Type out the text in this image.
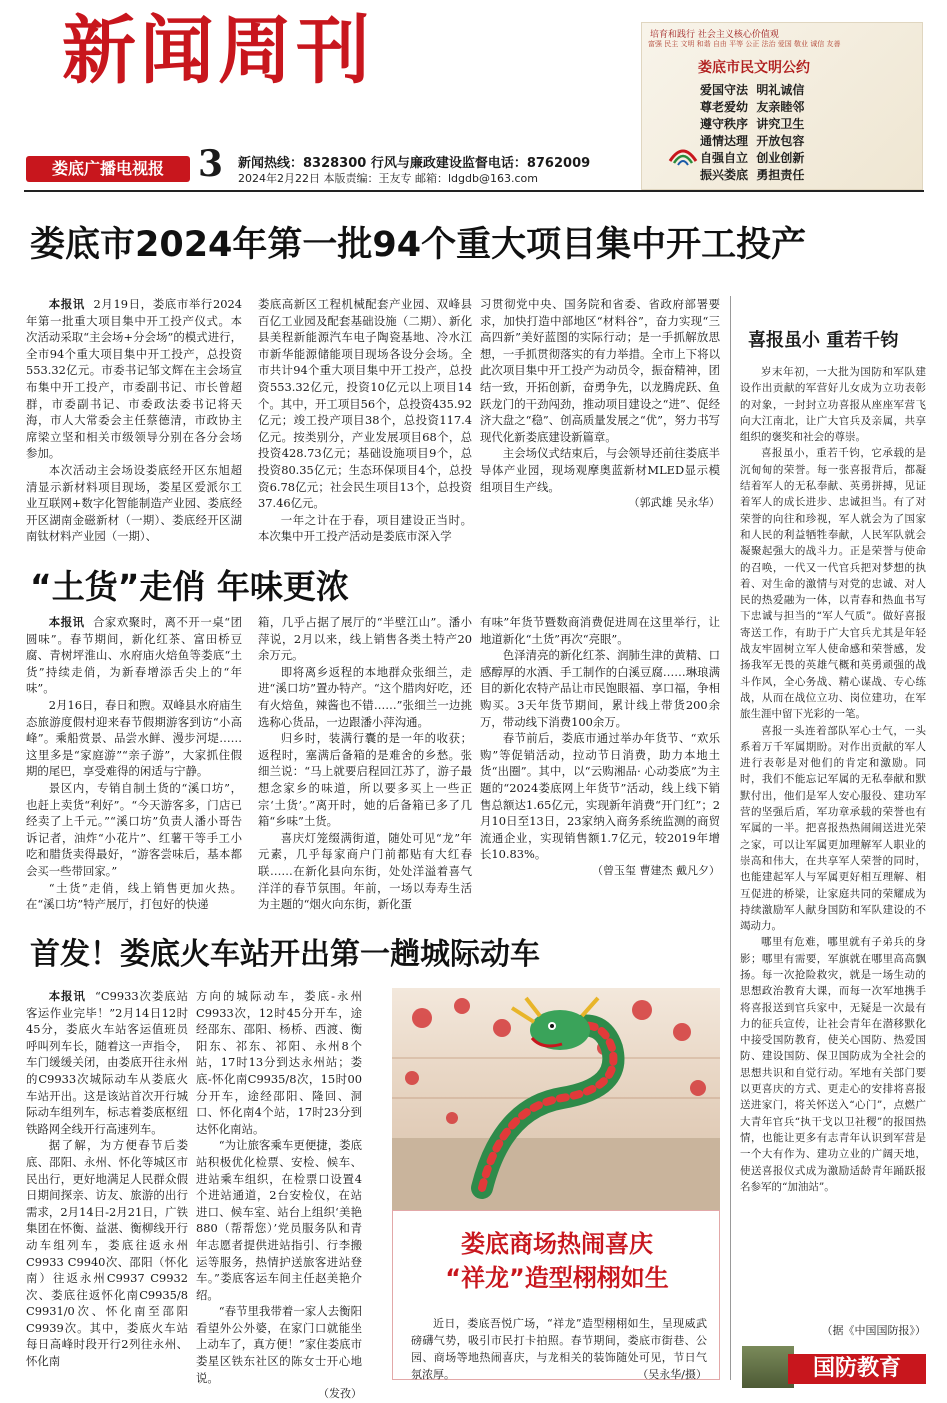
新闻周刊
娄底广播电视报 3 新闻热线：8328300 行风与廉政建设监督电话：8762009
2024年2月22日 本版责编：王友专 邮箱：ldgdb@163.com
培育和践行 社会主义核心价值观
富强 民主 文明 和谐 自由 平等 公正 法治 爱国 敬业 诚信 友善
娄底市民文明公约
爱国守法 明礼诚信
尊老爱幼 友亲睦邻
遵守秩序 讲究卫生
通情达理 开放包容
自强自立 创业创新
振兴娄底 勇担责任
娄底市2024年第一批94个重大项目集中开工投产

本报讯 2月19日，娄底市举行2024年第一批重大项目集中开工投产仪式。本次活动采取“主会场+分会场”的模式进行，全市94个重大项目集中开工投产，总投资553.32亿元。市委书记邹文辉在主会场宣布集中开工投产，市委副书记、市长曾超群，市委副书记、市委政法委书记将天海，市人大常委会主任蔡德清，市政协主席梁立坚和相关市级领导分别在各分会场参加。

本次活动主会场设娄底经开区东旭超清显示新材料项目现场，娄星区爱派尔工业互联网+数字化智能制造产业园、娄底经开区湖南金磁新材（一期）、娄底经开区湖南钛材料产业园（一期）、

娄底高新区工程机械配套产业园、双峰县百亿工业园及配套基础设施（二期）、新化县美程新能源汽车电子陶瓷基地、冷水江市新华能源储能项目现场各设分会场。全市共计94个重大项目集中开工投产，总投资553.32亿元，投资10亿元以上项目14个。其中，开工项目56个，总投资435.92亿元；竣工投产项目38个，总投资117.4亿元。按类别分，产业发展项目68个，总投资428.73亿元；基础设施项目9个，总投资80.35亿元；生态环保项目4个，总投资6.78亿元；社会民生项目13个，总投资37.46亿元。

一年之计在于春，项目建设正当时。本次集中开工投产活动是娄底市深入学

习贯彻党中央、国务院和省委、省政府部署要求，加快打造中部地区“材料谷”，奋力实现“三高四新”美好蓝图的实际行动；是一手抓解放思想，一手抓贯彻落实的有力举措。全市上下将以此次项目集中开工投产为动员令，振奋精神，团结一致，开拓创新，奋勇争先，以龙腾虎跃、鱼跃龙门的干劲闯劲，推动项目建设之“进”、促经济大盘之“稳”、创高质量发展之“优”，努力书写现代化新娄底建设新篇章。

主会场仪式结束后，与会领导还前往娄底半导体产业园，现场观摩奥蓝新材MLED显示模组项目生产线。

（郭武雄 吴永华）
“土货”走俏 年味更浓

本报讯 合家欢聚时，离不开一桌“团圆味”。春节期间，新化红茶、富田桥豆腐、青树坪淮山、水府庙火焙鱼等娄底“土货”持续走俏，为新春增添舌尖上的“年味”。

2月16日，春日和煦。双峰县水府庙生态旅游度假村迎来春节假期游客到访“小高峰”。乘船赏景、品尝水鲜、漫步河堤……这里多是“家庭游”“亲子游”，大家抓住假期的尾巴，享受难得的闲适与宁静。

景区内，专销自制土货的“溪口坊”，也赶上卖货“利好”。“今天游客多，门店已经卖了上千元。”“溪口坊”负责人潘小哥告诉记者，油炸“小花片”、红薯干等手工小吃和腊货卖得最好，“游客尝味后，基本都会买一些带回家。”

“土货”走俏，线上销售更加火热。在“溪口坊”特产展厅，打包好的快递

箱，几乎占据了展厅的“半壁江山”。潘小萍说，2月以来，线上销售各类土特产20余万元。

即将离乡返程的本地群众张细兰，走进“溪口坊”置办特产。“这个腊肉好吃，还有火焙鱼，辣酱也不错……”张细兰一边挑选称心货品，一边跟潘小萍沟通。

归乡时，装满行囊的是一年的收获；返程时，塞满后备箱的是难舍的乡愁。张细兰说：“马上就要启程回江苏了，游子最想念家乡的味道，所以要多买上一些正宗‘土货’。”离开时，她的后备箱已多了几箱“乡味”土货。

喜庆灯笼缀满街道，随处可见“龙”年元素，几乎每家商户门前都贴有大红春联……在新化县向东街，处处洋溢着喜气洋洋的春节氛围。年前，一场以寿寿生活为主题的“烟火向东街，新化蛋

有味”年货节暨数商消费促进周在这里举行，让地道新化“土货”再次“亮眼”。

色泽清亮的新化红茶、润肺生津的黄精、口感醇厚的水酒、手工制作的白溪豆腐……琳琅满目的新化农特产品让市民饱眼福、享口福，争相购买。3天年货节期间，累计线上带货200余万，带动线下消费100余万。

春节前后，娄底市通过举办年货节、“欢乐购”等促销活动，拉动节日消费，助力本地土货“出圈”。其中，以“云购湘品· 心动娄底”为主题的“2024娄底网上年货节”活动，线上线下销售总额达1.65亿元，实现新年消费“开门红”；2月10日至13日，23家纳入商务系统监测的商贸流通企业，实现销售额1.7亿元，较2019年增长10.83%。

（曾玉玺 曹建杰 戴凡夕）
首发！娄底火车站开出第一趟城际动车

本报讯 “C9933次娄底站客运作业完毕！”2月14日12时45分，娄底火车站客运值班员呼叫列车长，随着这一声指令，车门缓缓关闭，由娄底开往永州的C9933次城际动车从娄底火车站开出。这是该站首次开行城际动车组列车，标志着娄底枢纽铁路网全线开行高速列车。

据了解，为方便春节后娄底、邵阳、永州、怀化等城区市民出行，更好地满足人民群众假日期间探亲、访友、旅游的出行需求，2月14日-2月21日，广铁集团在怀衡、益湛、衡柳线开行动车组列车，娄底往返永州C9933 C9940次、邵阳（怀化南）往返永州C9937 C9932次、娄底往返怀化南C9935/8 C9931/0次、怀化南至邵阳C9939次。其中，娄底火车站每日高峰时段开行2列往永州、怀化南

方向的城际动车，娄底-永州C9933次，12时45分开车，途经邵东、邵阳、杨桥、西渡、衡阳东、祁东、祁阳、永州8个站，17时13分到达永州站；娄底-怀化南C9935/8次，15时00分开车，途经邵阳、隆回、洞口、怀化南4个站，17时23分到达怀化南站。

“为让旅客乘车更便捷，娄底站积极优化检票、安检、候车、进站乘车组织，在检票口设置4个进站通道，2台安检仪，在站进口、候车室、站台上组织‘美艳880（帮帮您）’党员服务队和青年志愿者提供进站指引、行李搬运等服务，热情护送旅客进站登车。”娄底客运车间主任赵美艳介绍。

“春节里我带着一家人去衡阳看望外公外婆，在家门口就能坐上动车了，真方便！”家住娄底市娄星区铁东社区的陈女士开心地说。

（发孜）
娄底商场热闹喜庆
“祥龙”造型栩栩如生
近日，娄底吾悦广场，“祥龙”造型栩栩如生，呈现威武磅礴气势，吸引市民打卡拍照。春节期间，娄底市街巷、公园、商场等地热闹喜庆，与龙相关的装饰随处可见，节日气氛浓厚。	（吴永华/摄）
喜报虽小 重若千钧

岁末年初，一大批为国防和军队建设作出贡献的军营好儿女成为立功表彰的对象，一封封立功喜报从座座军营飞向大江南北，让广大官兵及亲属，共享组织的褒奖和社会的尊崇。

喜报虽小，重若千钧，它承载的是沉甸甸的荣誉。每一张喜报背后，都凝结着军人的无私奉献、英勇拼搏，见证着军人的成长进步、忠诚担当。有了对荣誉的向往和珍视，军人就会为了国家和人民的利益牺牲奉献，人民军队就会凝聚起强大的战斗力。正是荣誉与使命的召唤，一代又一代官兵把对梦想的执着、对生命的激情与对党的忠诚、对人民的热爱融为一体，以青春和热血书写下忠诚与担当的“军人气质”。做好喜报寄送工作，有助于广大官兵尤其是年轻战友牢固树立军人使命感和荣誉感，发扬我军无畏的英雄气概和英勇顽强的战斗作风，全心务战、精心谋战、专心练战，从而在战位立功、岗位建功，在军旅生涯中留下光彩的一笔。

喜报一头连着部队军心士气，一头系着万千军属期盼。对作出贡献的军人进行表彰是对他们的肯定和激励。同时，我们不能忘记军属的无私奉献和默默付出，他们是军人安心服役、建功军营的坚强后盾，军功章承载的荣誉也有军属的一半。把喜报热热闹闹送进光荣之家，可以让军属更加理解军人职业的崇高和伟大，在共享军人荣誉的同时，也能建起军人与军属更好相互理解、相互促进的桥梁，让家庭共同的荣耀成为持续激励军人献身国防和军队建设的不竭动力。

哪里有危难，哪里就有子弟兵的身影；哪里有需要，军旗就在哪里高高飘扬。每一次抢险救灾，就是一场生动的思想政治教育大课，而每一次军地携手将喜报送到官兵家中，无疑是一次最有力的征兵宣传，让社会青年在潜移默化中接受国防教育，使关心国防、热爱国防、建设国防、保卫国防成为全社会的思想共识和自觉行动。军地有关部门要以更喜庆的方式、更走心的安排将喜报送进家门，将关怀送入“心门”，点燃广大青年官兵“执干戈以卫社稷”的报国热情，也能让更多有志青年认识到军营是一个大有作为、建功立业的广阔天地，使送喜报仪式成为激励适龄青年踊跃报名参军的“加油站”。

（据《中国国防报》）
国防教育
